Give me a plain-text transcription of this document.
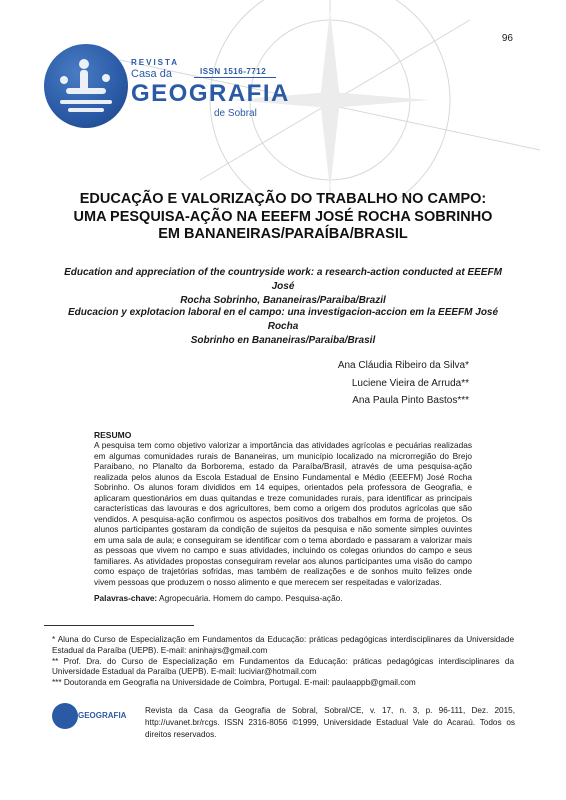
96
REVISTA
Casa da	ISSN 1516-7712
GEOGRAFIA
de Sobral
EDUCAÇÃO E VALORIZAÇÃO DO TRABALHO NO CAMPO:
UMA PESQUISA-AÇÃO NA EEEFM JOSÉ ROCHA SOBRINHO
EM BANANEIRAS/PARAÍBA/BRASIL
Education and appreciation of the countryside work: a research-action conducted at EEEFM José
Rocha Sobrinho, Bananeiras/Paraiba/Brazil
Educacion y explotacion laboral en el campo: una investigacion-accion em la EEEFM José Rocha
Sobrinho en Bananeiras/Paraiba/Brasil
Ana Cláudia Ribeiro da Silva*
Luciene Vieira de Arruda**
Ana Paula Pinto Bastos***
RESUMO
A pesquisa tem como objetivo valorizar a importância das atividades agrícolas e pecuárias realizadas em algumas comunidades rurais de Bananeiras, um município localizado na microrregião do Brejo Paraibano, no Planalto da Borborema, estado da Paraíba/Brasil, através de uma pesquisa-ação realizada pelos alunos da Escola Estadual de Ensino Fundamental e Médio (EEEFM) José Rocha Sobrinho. Os alunos foram divididos em 14 equipes, orientados pela professora de Geografia, e aplicaram questionários em duas quitandas e treze comunidades rurais, para identificar as principais características das lavouras e dos agricultores, bem como a origem dos produtos agrícolas que são vendidos. A pesquisa-ação confirmou os aspectos positivos dos trabalhos em forma de projetos. Os alunos participantes gostaram da condição de sujeitos da pesquisa e não somente simples ouvintes em uma sala de aula; e conseguiram se identificar com o tema abordado e passaram a valorizar mais as pessoas que vivem no campo e suas atividades, incluindo os colegas oriundos do campo e seus familiares. As atividades propostas conseguiram revelar aos alunos participantes uma visão do campo como espaço de trajetórias sofridas, mas também de realizações e de sonhos muito felizes onde vivem pessoas que produzem o nosso alimento e que merecem ser respeitadas e valorizadas.
Palavras-chave: Agropecuária. Homem do campo. Pesquisa-ação.

* Aluna do Curso de Especialização em Fundamentos da Educação: práticas pedagógicas interdisciplinares da Universidade Estadual da Paraíba (UEPB). E-mail: aninhajrs@gmail.com

** Prof. Dra. do Curso de Especialização em Fundamentos da Educação: práticas pedagógicas interdisciplinares da Universidade Estadual da Paraíba (UEPB). E-mail: luciviar@hotmail.com

*** Doutoranda em Geografia na Universidade de Coimbra, Portugal. E-mail: paulaappb@gmail.com

GEOGRAFIA
Revista da Casa da Geografia de Sobral, Sobral/CE, v. 17, n. 3, p. 96-111, Dez. 2015, http://uvanet.br/rcgs. ISSN 2316-8056 ©1999, Universidade Estadual Vale do Acaraú. Todos os direitos reservados.
